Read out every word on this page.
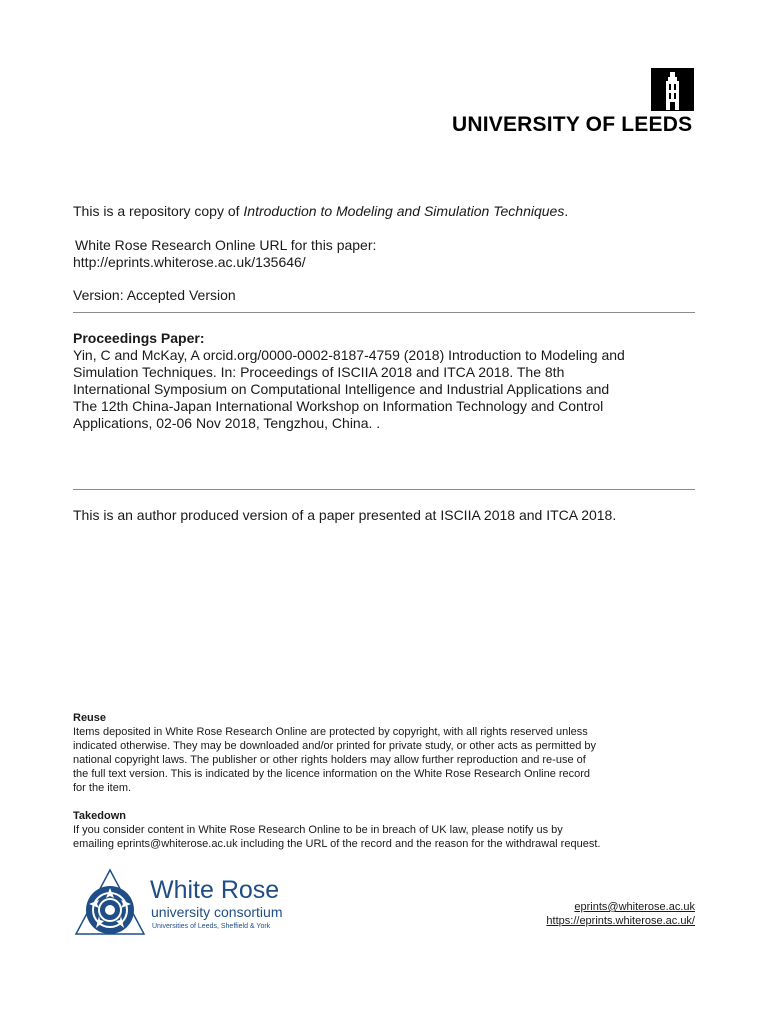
UNIVERSITY OF LEEDS
This is a repository copy of Introduction to Modeling and Simulation Techniques.
White Rose Research Online URL for this paper:
http://eprints.whiterose.ac.uk/135646/
Version: Accepted Version
Proceedings Paper:
Yin, C and McKay, A orcid.org/0000-0002-8187-4759 (2018) Introduction to Modeling and
Simulation Techniques. In: Proceedings of ISCIIA 2018 and ITCA 2018. The 8th
International Symposium on Computational Intelligence and Industrial Applications and
The 12th China-Japan International Workshop on Information Technology and Control
Applications, 02-06 Nov 2018, Tengzhou, China. .
This is an author produced version of a paper presented at ISCIIA 2018 and ITCA 2018.
Reuse
Items deposited in White Rose Research Online are protected by copyright, with all rights reserved unless
indicated otherwise. They may be downloaded and/or printed for private study, or other acts as permitted by
national copyright laws. The publisher or other rights holders may allow further reproduction and re-use of
the full text version. This is indicated by the licence information on the White Rose Research Online record
for the item.
Takedown
If you consider content in White Rose Research Online to be in breach of UK law, please notify us by
emailing eprints@whiterose.ac.uk including the URL of the record and the reason for the withdrawal request.
White Rose
university consortium
Universities of Leeds, Sheffield & York
eprints@whiterose.ac.uk
https://eprints.whiterose.ac.uk/
